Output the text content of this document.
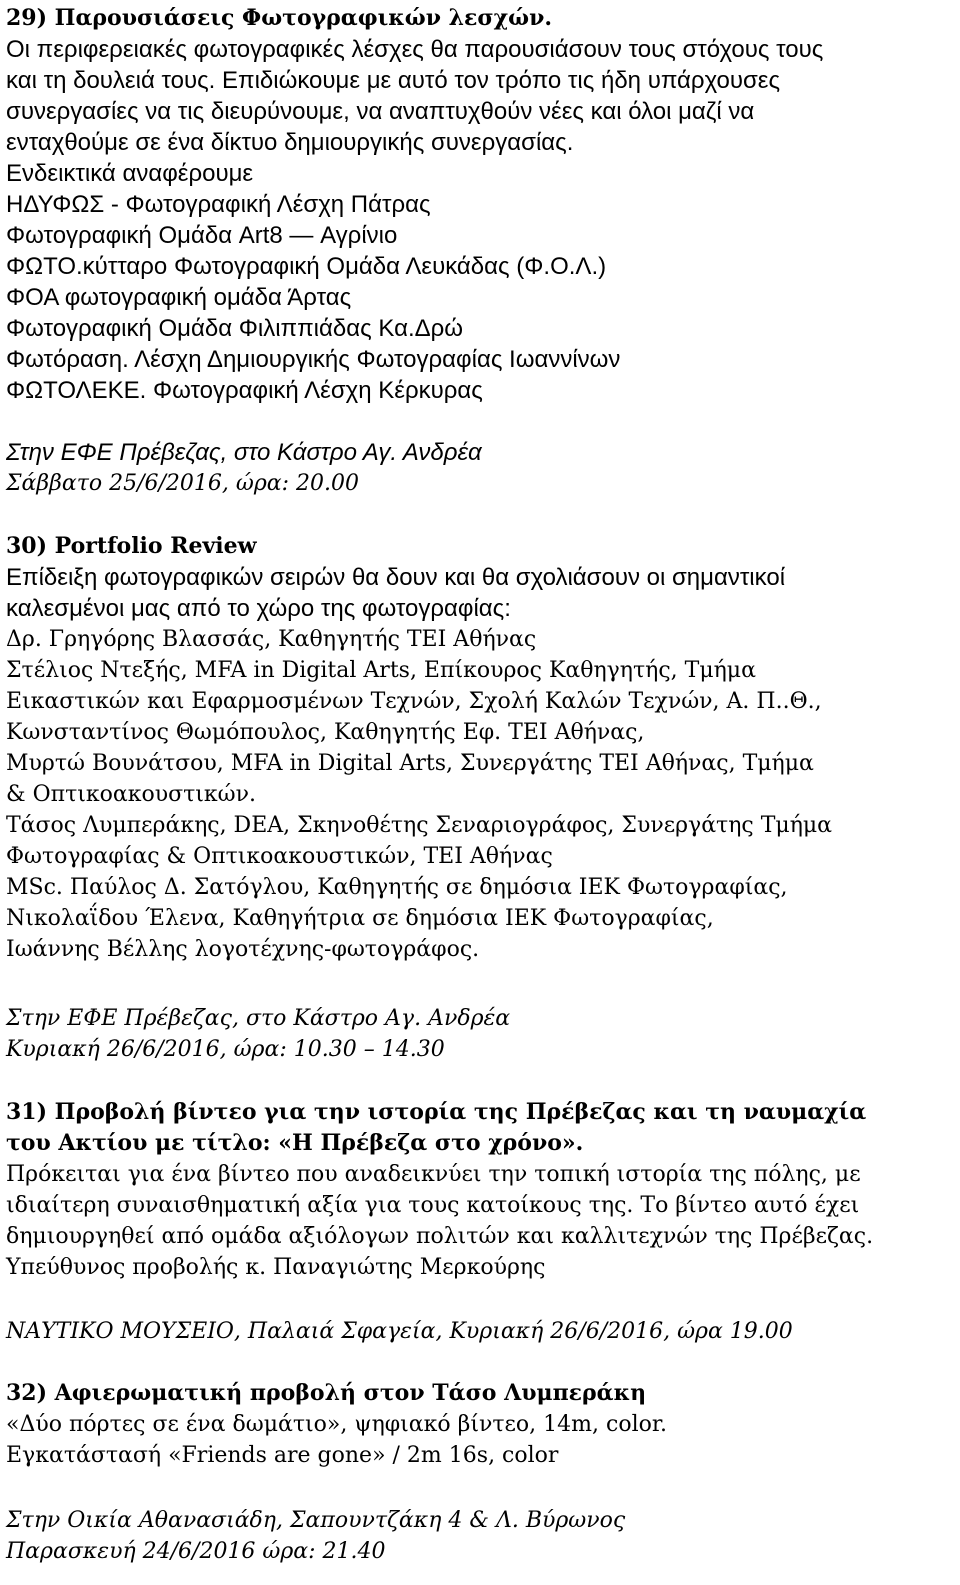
29) Παρουσιάσεις Φωτογραφικών λεσχών.
Οι περιφερειακές φωτογραφικές λέσχες θα παρουσιάσουν τους στόχους τους
και τη δουλειά τους. Επιδιώκουμε με αυτό τον τρόπο τις ήδη υπάρχουσες
συνεργασίες να τις διευρύνουμε, να αναπτυχθούν νέες και όλοι μαζί να
ενταχθούμε σε ένα δίκτυο δημιουργικής συνεργασίας.
Ενδεικτικά αναφέρουμε
ΗΔΥΦΩΣ - Φωτογραφική Λέσχη Πάτρας
Φωτογραφική Ομάδα Art8 — Αγρίνιο
ΦΩΤΟ.κύτταρο Φωτογραφική Ομάδα Λευκάδας (Φ.Ο.Λ.)
ΦΟΑ φωτογραφική ομάδα Άρτας
Φωτογραφική Ομάδα Φιλιππιάδας Κα.Δρώ
Φωτόραση. Λέσχη Δημιουργικής Φωτογραφίας Ιωαννίνων
ΦΩΤΟΛΕΚΕ. Φωτογραφική Λέσχη Κέρκυρας
Στην ΕΦΕ Πρέβεζας, στο Κάστρο Αγ. Ανδρέα
Σάββατο 25/6/2016, ώρα: 20.00
30) Portfolio Review
Επίδειξη φωτογραφικών σειρών θα δουν και θα σχολιάσουν οι σημαντικοί
καλεσμένοι μας από το χώρο της φωτογραφίας:
Δρ. Γρηγόρης Βλασσάς, Καθηγητής ΤΕΙ Αθήνας
Στέλιος Ντεξής, MFA in Digital Arts, Επίκουρος Καθηγητής, Τμήμα
Εικαστικών και Εφαρμοσμένων Τεχνών, Σχολή Καλών Τεχνών, Α. Π..Θ.,
Κωνσταντίνος Θωμόπουλος, Καθηγητής Εφ. ΤΕΙ Αθήνας,
Μυρτώ Βουνάτσου, MFA in Digital Arts, Συνεργάτης ΤΕΙ Αθήνας, Τμήμα
& Οπτικοακουστικών.
Τάσος Λυμπεράκης, DEA, Σκηνοθέτης Σεναριογράφος, Συνεργάτης Τμήμα
Φωτογραφίας & Οπτικοακουστικών, ΤΕΙ Αθήνας
MSc. Παύλος Δ. Σατόγλου, Καθηγητής σε δημόσια ΙΕΚ Φωτογραφίας,
Νικολαΐδου Έλενα, Καθηγήτρια σε δημόσια ΙΕΚ Φωτογραφίας,
Ιωάννης Βέλλης λογοτέχνης-φωτογράφος.
Στην ΕΦΕ Πρέβεζας, στο Κάστρο Αγ. Ανδρέα
Κυριακή 26/6/2016, ώρα: 10.30 – 14.30
31) Προβολή βίντεο για την ιστορία της Πρέβεζας και τη ναυμαχία
του Ακτίου με τίτλο: «Η Πρέβεζα στο χρόνο».
Πρόκειται για ένα βίντεο που αναδεικνύει την τοπική ιστορία της πόλης, με
ιδιαίτερη συναισθηματική αξία για τους κατοίκους της. Το βίντεο αυτό έχει
δημιουργηθεί από ομάδα αξιόλογων πολιτών και καλλιτεχνών της Πρέβεζας.
Υπεύθυνος προβολής κ. Παναγιώτης Μερκούρης
ΝΑΥΤΙΚΟ ΜΟΥΣΕΙΟ, Παλαιά Σφαγεία, Κυριακή 26/6/2016, ώρα 19.00
32) Αφιερωματική προβολή στον Τάσο Λυμπεράκη
«Δύο πόρτες σε ένα δωμάτιο», ψηφιακό βίντεο, 14m, color.
Εγκατάστασή «Friends are gone» / 2m 16s, color
Στην Οικία Αθανασιάδη, Σαπουντζάκη 4 & Λ. Βύρωνος
Παρασκευή 24/6/2016 ώρα: 21.40
